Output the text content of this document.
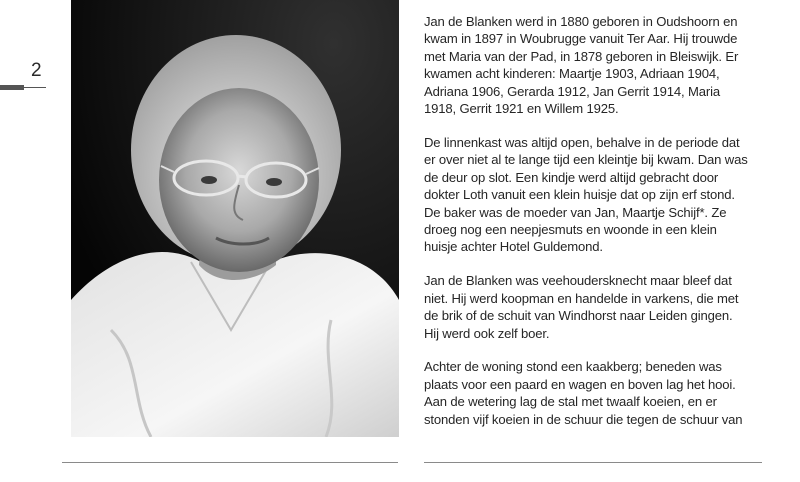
2

Jan de Blanken werd in 1880 geboren in Oudshoorn en
kwam in 1897 in Woubrugge vanuit Ter Aar. Hij trouwde
met Maria van der Pad, in 1878 geboren in Bleiswijk. Er
kwamen acht kinderen: Maartje 1903, Adriaan 1904,
Adriana 1906, Gerarda 1912, Jan Gerrit 1914, Maria
1918, Gerrit 1921 en Willem 1925.

De linnenkast was altijd open, behalve in de periode dat
er over niet al te lange tijd een kleintje bij kwam. Dan was
de deur op slot. Een kindje werd altijd gebracht door
dokter Loth vanuit een klein huisje dat op zijn erf stond.
De baker was de moeder van Jan, Maartje Schijf*. Ze
droeg nog een neepjesmuts en woonde in een klein
huisje achter Hotel Guldemond.

Jan de Blanken was veehoudersknecht maar bleef dat
niet. Hij werd koopman en handelde in varkens, die met
de brik of de schuit van Windhorst naar Leiden gingen.
Hij werd ook zelf boer.

Achter de woning stond een kaakberg; beneden was
plaats voor een paard en wagen en boven lag het hooi.
Aan de wetering lag de stal met twaalf koeien, en er
stonden vijf koeien in de schuur die tegen de schuur van
